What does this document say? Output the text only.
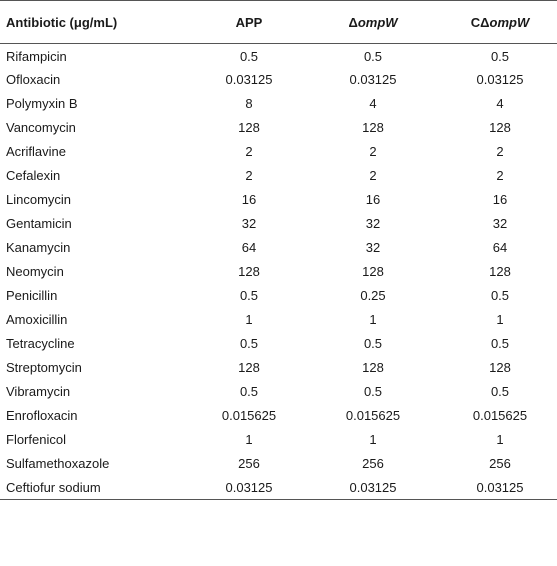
Antibiotic (μg/mL)	APP	ΔompW	CΔompW
Rifampicin	0.5	0.5	0.5
Ofloxacin	0.03125	0.03125	0.03125
Polymyxin B	8	4	4
Vancomycin	128	128	128
Acriflavine	2	2	2
Cefalexin	2	2	2
Lincomycin	16	16	16
Gentamicin	32	32	32
Kanamycin	64	32	64
Neomycin	128	128	128
Penicillin	0.5	0.25	0.5
Amoxicillin	1	1	1
Tetracycline	0.5	0.5	0.5
Streptomycin	128	128	128
Vibramycin	0.5	0.5	0.5
Enrofloxacin	0.015625	0.015625	0.015625
Florfenicol	1	1	1
Sulfamethoxazole	256	256	256
Ceftiofur sodium	0.03125	0.03125	0.03125
